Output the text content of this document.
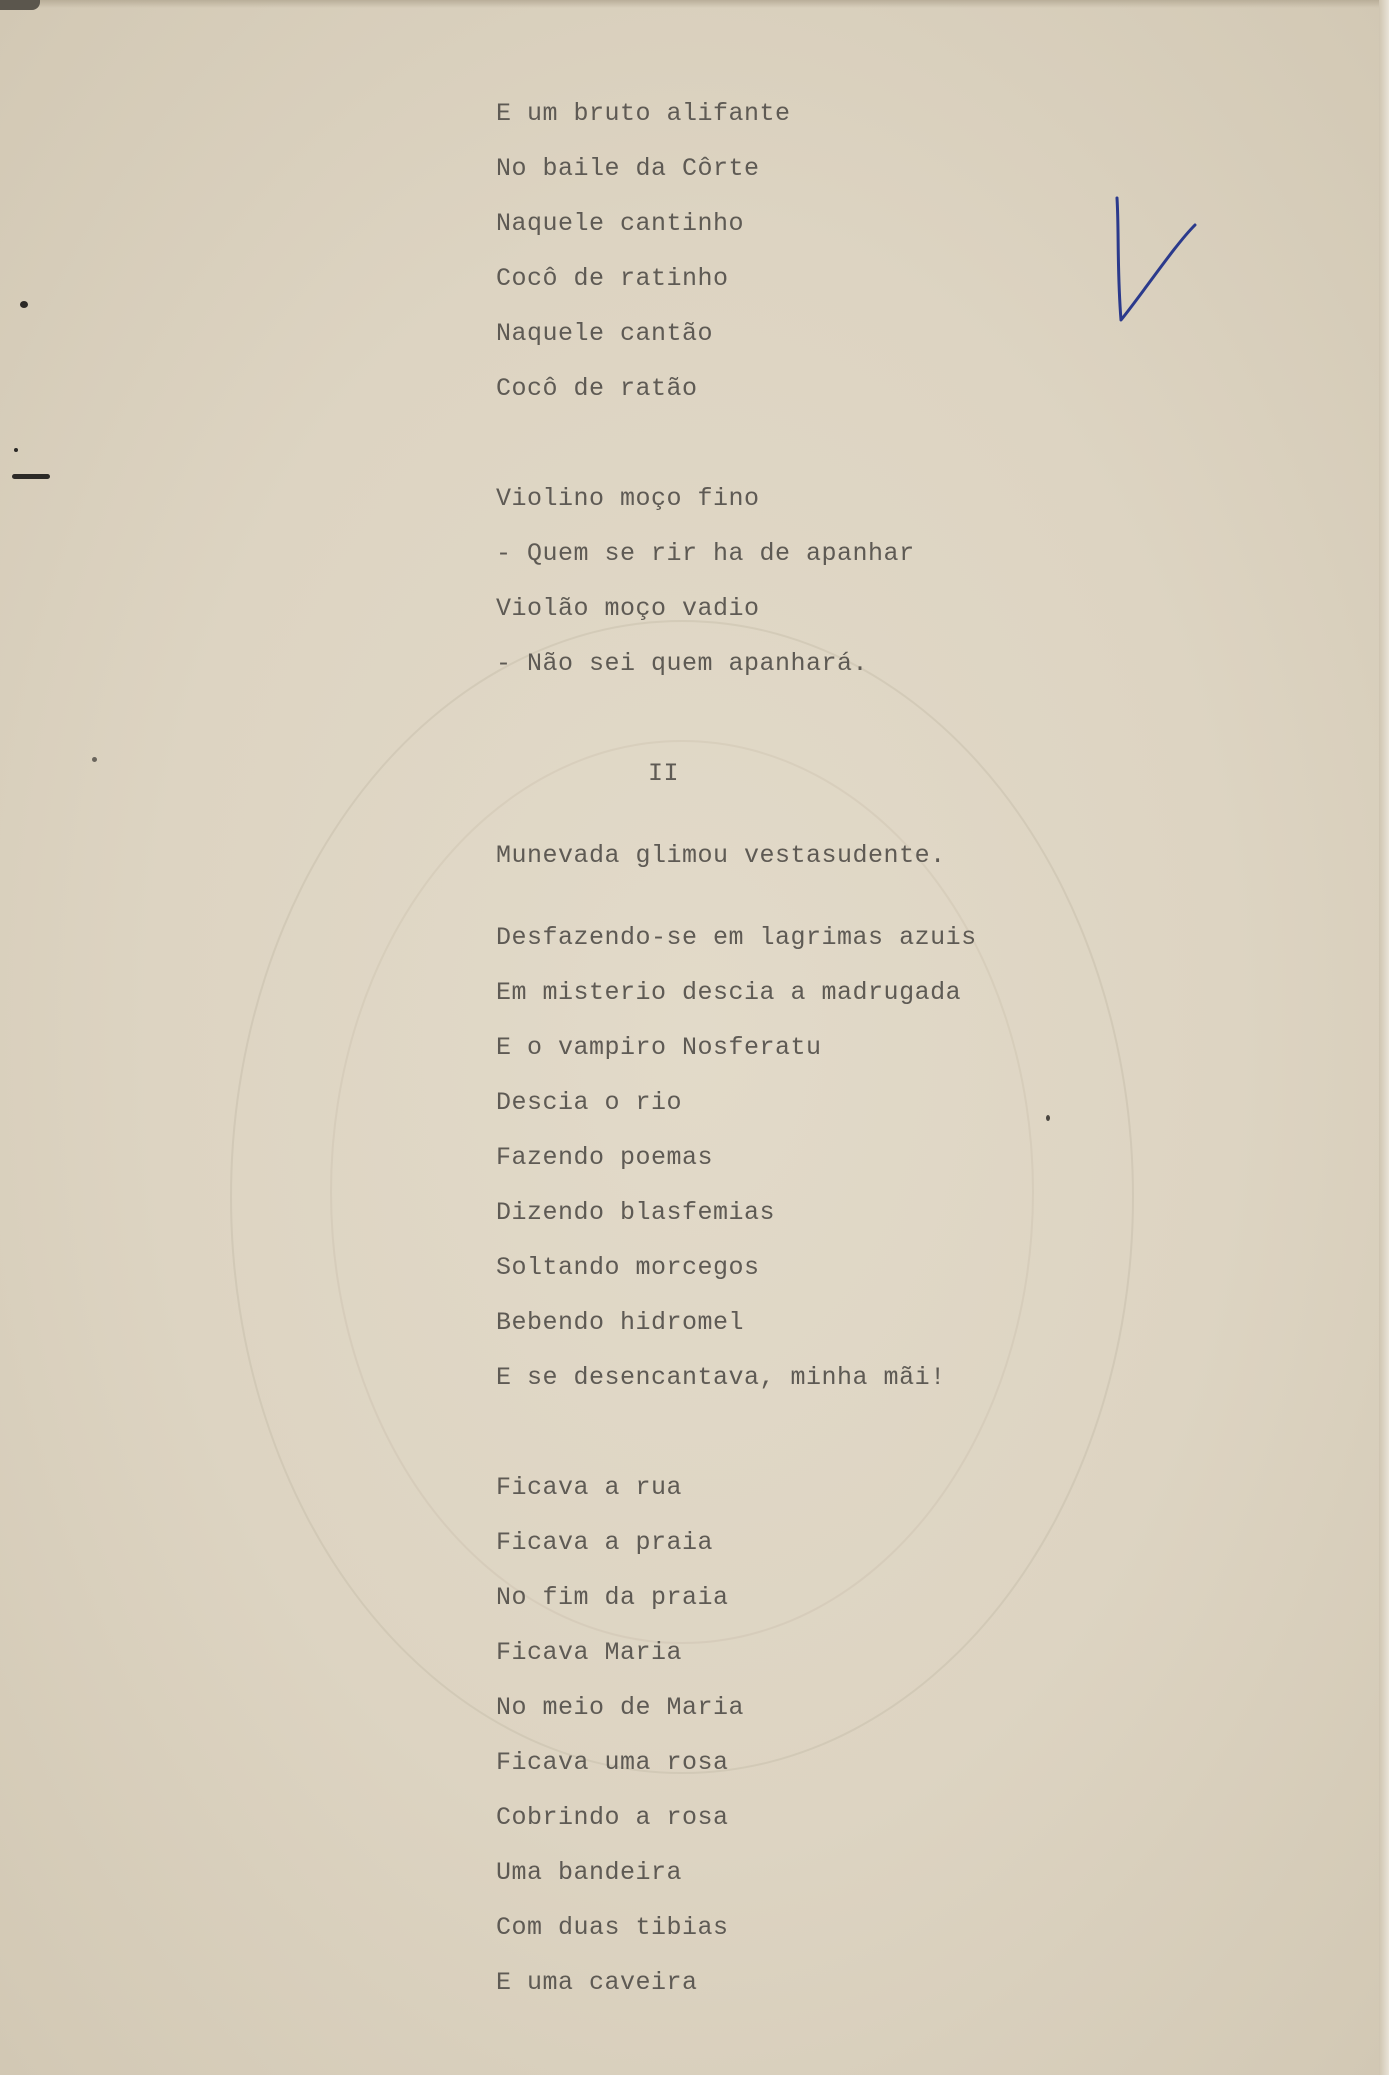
E um bruto alifante
No baile da Côrte
Naquele cantinho
Cocô de ratinho
Naquele cantão
Cocô de ratão
Violino moço fino
- Quem se rir ha de apanhar
Violão moço vadio
- Não sei quem apanhará.
II
Munevada glimou vestasudente.
Desfazendo-se em lagrimas azuis
Em misterio descia a madrugada
E o vampiro Nosferatu
Descia o rio
Fazendo poemas
Dizendo blasfemias
Soltando morcegos
Bebendo hidromel
E se desencantava, minha mãi!
Ficava a rua
Ficava a praia
No fim da praia
Ficava Maria
No meio de Maria
Ficava uma rosa
Cobrindo a rosa
Uma bandeira
Com duas tibias
E uma caveira
